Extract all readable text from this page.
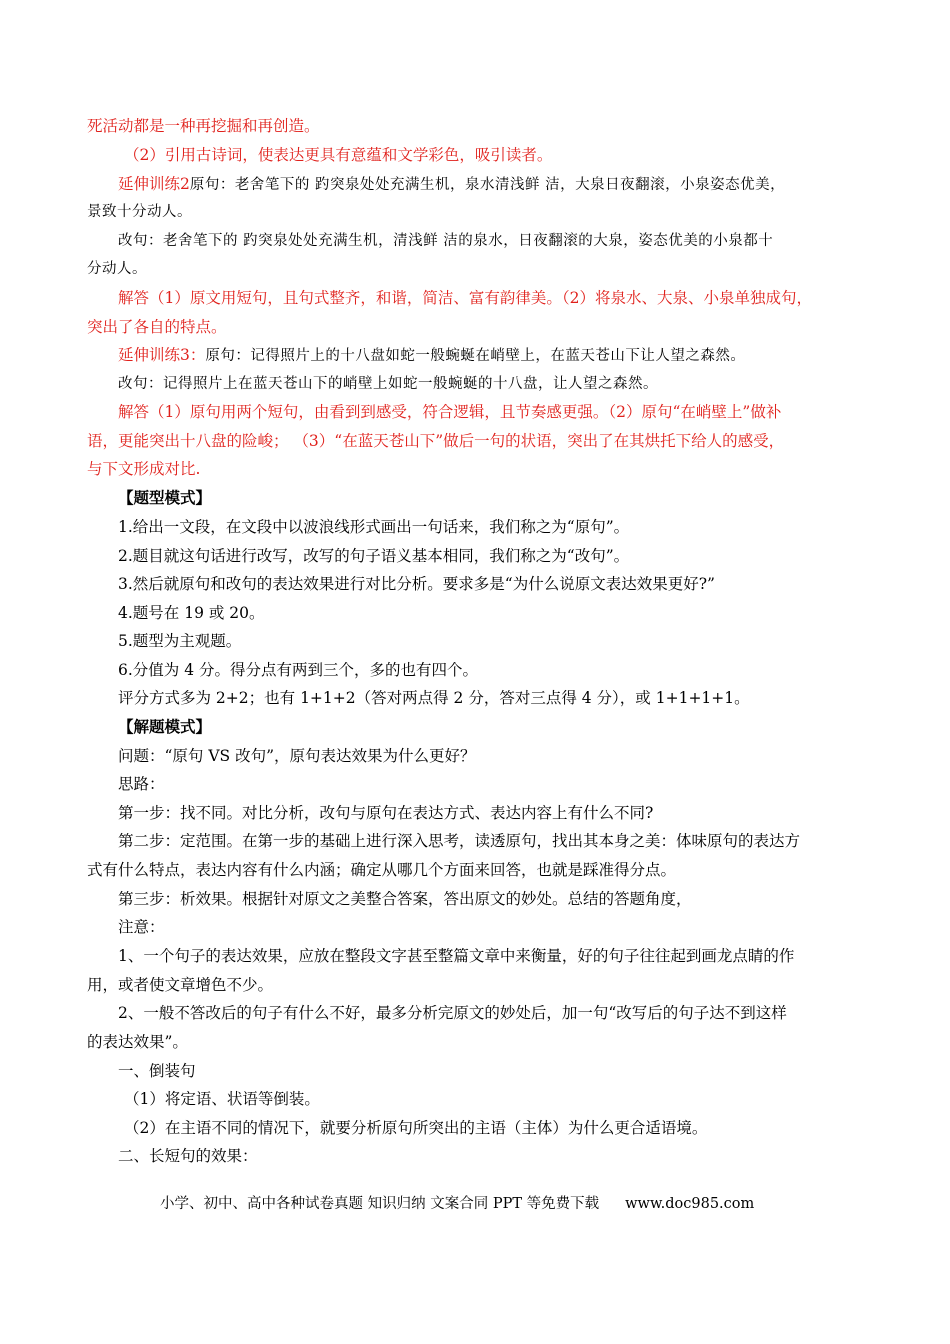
死活动都是一种再挖掘和再创造。
（2）引用古诗词，使表达更具有意蕴和文学彩色，吸引读者。
延伸训练2原句：老舍笔下的 趵突泉处处充满生机，泉水清浅鲜 洁，大泉日夜翻滚，小泉姿态优美，
景致十分动人。
改句：老舍笔下的 趵突泉处处充满生机，清浅鲜 洁的泉水，日夜翻滚的大泉，姿态优美的小泉都十
分动人。
解答（1）原文用短句，且句式整齐，和谐，简洁、富有韵律美。（2）将泉水、大泉、小泉单独成句，
突出了各自的特点。
延伸训练3：原句：记得照片上的十八盘如蛇一般蜿蜒在峭壁上，在蓝天苍山下让人望之森然。
改句：记得照片上在蓝天苍山下的峭壁上如蛇一般蜿蜒的十八盘，让人望之森然。
解答（1）原句用两个短句，由看到到感受，符合逻辑，且节奏感更强。（2）原句“在峭壁上”做补
语，更能突出十八盘的险峻； （3）“在蓝天苍山下”做后一句的状语，突出了在其烘托下给人的感受，
与下文形成对比.
【题型模式】
1.给出一文段，在文段中以波浪线形式画出一句话来，我们称之为“原句”。
2.题目就这句话进行改写，改写的句子语义基本相同，我们称之为“改句”。
3.然后就原句和改句的表达效果进行对比分析。要求多是“为什么说原文表达效果更好?”
4.题号在 19 或 20。
5.题型为主观题。
6.分值为 4 分。得分点有两到三个，多的也有四个。
评分方式多为 2+2；也有 1+1+2（答对两点得 2 分，答对三点得 4 分），或 1+1+1+1。
【解题模式】
问题：“原句 VS 改句”，原句表达效果为什么更好？
思路：
第一步：找不同。对比分析，改句与原句在表达方式、表达内容上有什么不同?
第二步：定范围。在第一步的基础上进行深入思考，读透原句，找出其本身之美：体味原句的表达方
式有什么特点，表达内容有什么内涵；确定从哪几个方面来回答，也就是踩准得分点。
第三步：析效果。根据针对原文之美整合答案，答出原文的妙处。总结的答题角度，
注意：
1、一个句子的表达效果，应放在整段文字甚至整篇文章中来衡量，好的句子往往起到画龙点睛的作
用，或者使文章增色不少。
2、一般不答改后的句子有什么不好，最多分析完原文的妙处后，加一句“改写后的句子达不到这样
的表达效果”。
一、倒装句
（1）将定语、状语等倒装。
（2）在主语不同的情况下，就要分析原句所突出的主语（主体）为什么更合适语境。
二、长短句的效果：
小学、初中、高中各种试卷真题 知识归纳 文案合同 PPT 等免费下载 www.doc985.com
